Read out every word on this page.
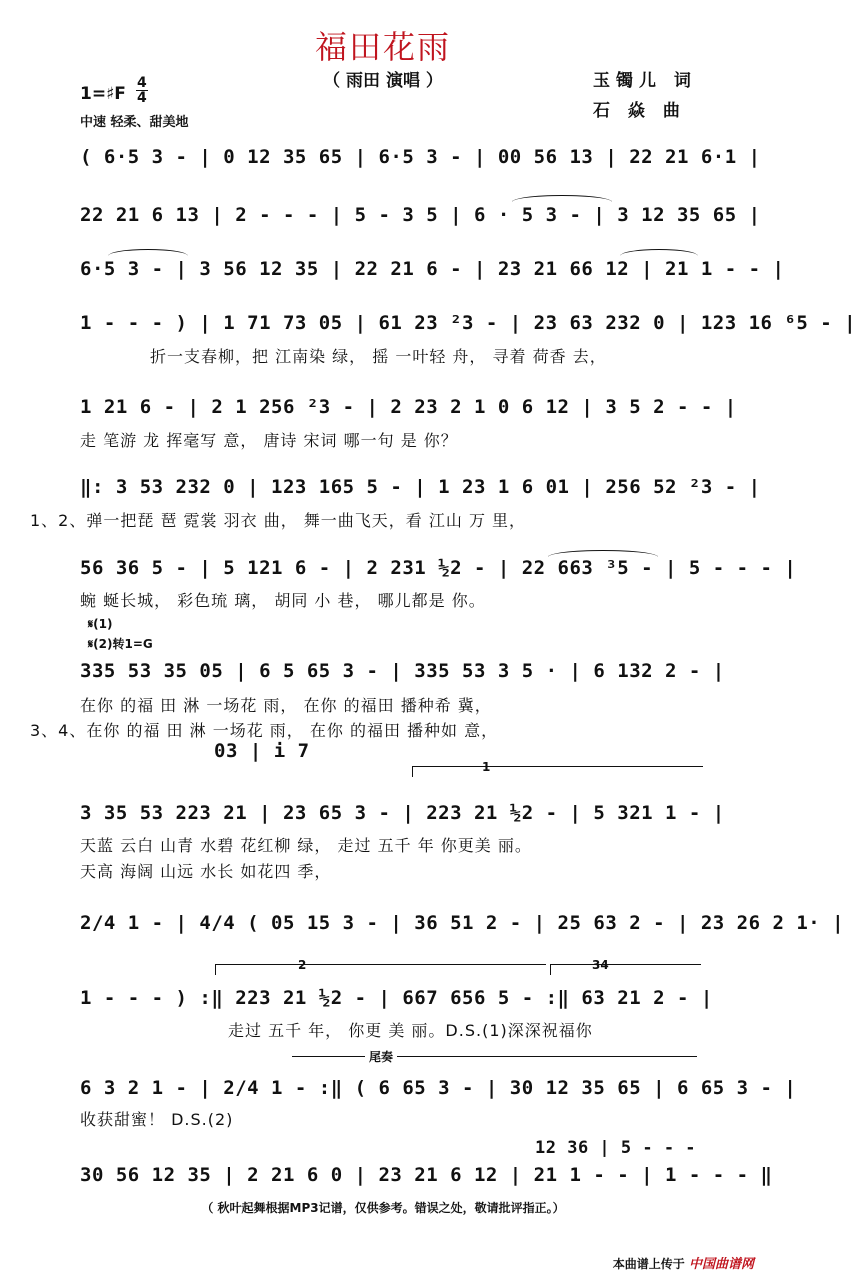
福田花雨
（ 雨田 演唱 ）	玉镯儿 词
石 焱 曲
1=♯F
4
4
中速 轻柔、甜美地
( 6·5 3 - | 0 12 35 65 | 6·5 3 - | 00 56 13 | 22 21 6·1 |
22 21 6 13 | 2 - - - | 5 - 3 5 | 6 · 5 3 - | 3 12 35 65 |
6·5 3 - | 3 56 12 35 | 22 21 6 - | 23 21 66 12 | 21 1 - - |
1 - - - ) | 1 71 73 05 | 61 23 ²3 - | 23 63 232 0 | 123 16 ⁶5 - |
折一支春柳，把 江南染 绿， 摇 一叶轻 舟， 寻着 荷香 去，
1 21 6 - | 2 1 256 ²3 - | 2 23 2 1 0 6 12 | 3 5 2 - - |
走 笔游 龙 挥毫写 意， 唐诗 宋词 哪一句 是 你？
‖: 3 53 232 0 | 123 165 5 - | 1 23 1 6 01 | 256 52 ²3 - |
1、2、弹一把琵 琶 霓裳 羽衣 曲， 舞一曲飞天，看 江山 万 里，
56 36 5 - | 5 121 6 - | 2 231 ½2 - | 22 663 ³5 - | 5 - - - |
蜿 蜒长城， 彩色琉 璃， 胡同 小 巷， 哪儿都是 你。
𝄋(1)
𝄋(2)转1=G
335 53 35 05 | 6 5 65 3 - | 335 53 3 5 · | 6 132 2 - |
在你 的福 田 淋 一场花 雨， 在你 的福田 播种希 冀，
3、4、在你 的福 田 淋 一场花 雨， 在你 的福田 播种如 意，
03 | i 7
1
3 35 53 223 21 | 23 65 3 - | 223 21 ½2 - | 5 321 1 - |
天蓝 云白 山青 水碧 花红柳 绿， 走过 五千 年 你更美 丽。
天高 海阔 山远 水长 如花四 季，
2/4 1 - | 4/4 ( 05 15 3 - | 36 51 2 - | 25 63 2 - | 23 26 2 1· |
2	34
1 - - - ) :‖ 223 21 ½2 - | 667 656 5 - :‖ 63 21 2 - |
走过 五千 年， 你更 美 丽。D.S.(1)深深祝福你
尾奏
6 3 2 1 - | 2/4 1 - :‖ ( 6 65 3 - | 30 12 35 65 | 6 65 3 - |
收获甜蜜！ D.S.(2)
12 36 | 5 - - -
30 56 12 35 | 2 21 6 0 | 23 21 6 12 | 21 1 - - | 1 - - - ‖
（ 秋叶起舞根据MP3记谱，仅供参考。错误之处，敬请批评指正。）
本曲谱上传于 中国曲谱网
